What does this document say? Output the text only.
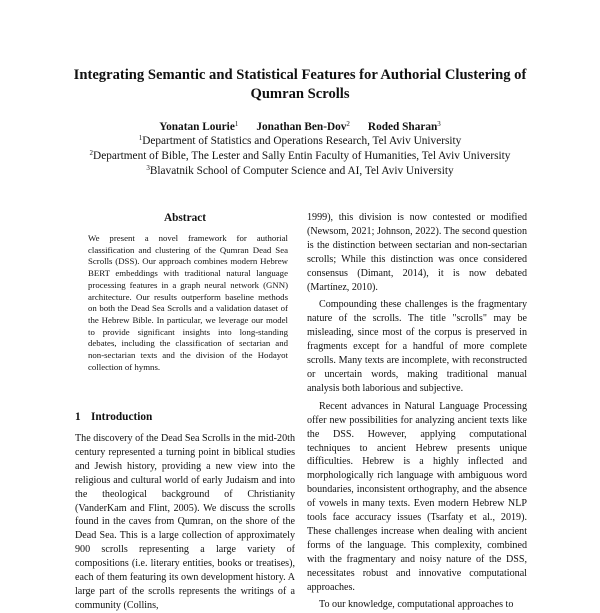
Integrating Semantic and Statistical Features for Authorial Clustering of Qumran Scrolls
Yonatan Lourie$^1$ Jonathan Ben-Dov$^2$ Roded Sharan$^3$
$^1$Department of Statistics and Operations Research, Tel Aviv University
$^2$Department of Bible, The Lester and Sally Entin Faculty of Humanities, Tel Aviv University
$^3$Blavatnik School of Computer Science and AI, Tel Aviv University
Abstract

We present a novel framework for authorial classification and clustering of the Qumran Dead Sea Scrolls (DSS). Our approach combines modern Hebrew BERT embeddings with traditional natural language processing features in a graph neural network (GNN) architecture. Our results outperform baseline methods on both the Dead Sea Scrolls and a validation dataset of the Hebrew Bible. In particular, we leverage our model to provide significant insights into long-standing debates, including the classification of sectarian and non-sectarian texts and the division of the Hodayot collection of hymns.

1 Introduction

The discovery of the Dead Sea Scrolls in the mid-20th century represented a turning point in biblical studies and Jewish history, providing a new view into the religious and cultural world of early Judaism and into the theological background of Christianity (VanderKam and Flint, 2005). We discuss the scrolls found in the caves from Qumran, on the shore of the Dead Sea. This is a large collection of approximately 900 scrolls representing a large variety of compositions (i.e. literary entities, books or treatises), each of them featuring its own development history. A large part of the scrolls represents the writings of a community (Collins,

1999), this division is now contested or modified (Newsom, 2021; Johnson, 2022). The second question is the distinction between sectarian and non-sectarian scrolls; While this distinction was once considered consensus (Dimant, 2014), it is now debated (Martínez, 2010).

Compounding these challenges is the fragmentary nature of the scrolls. The title "scrolls" may be misleading, since most of the corpus is preserved in fragments except for a handful of more complete scrolls. Many texts are incomplete, with reconstructed or uncertain words, making traditional manual analysis both laborious and subjective.

Recent advances in Natural Language Processing offer new possibilities for analyzing ancient texts like the DSS. However, applying computational techniques to ancient Hebrew presents unique difficulties. Hebrew is a highly inflected and morphologically rich language with ambiguous word boundaries, inconsistent orthography, and the absence of vowels in many texts. Even modern Hebrew NLP tools face accuracy issues (Tsarfaty et al., 2019). These challenges increase when dealing with ancient forms of the language. This complexity, combined with the fragmentary and noisy nature of the DSS, necessitates robust and innovative computational approaches.

To our knowledge, computational approaches to
